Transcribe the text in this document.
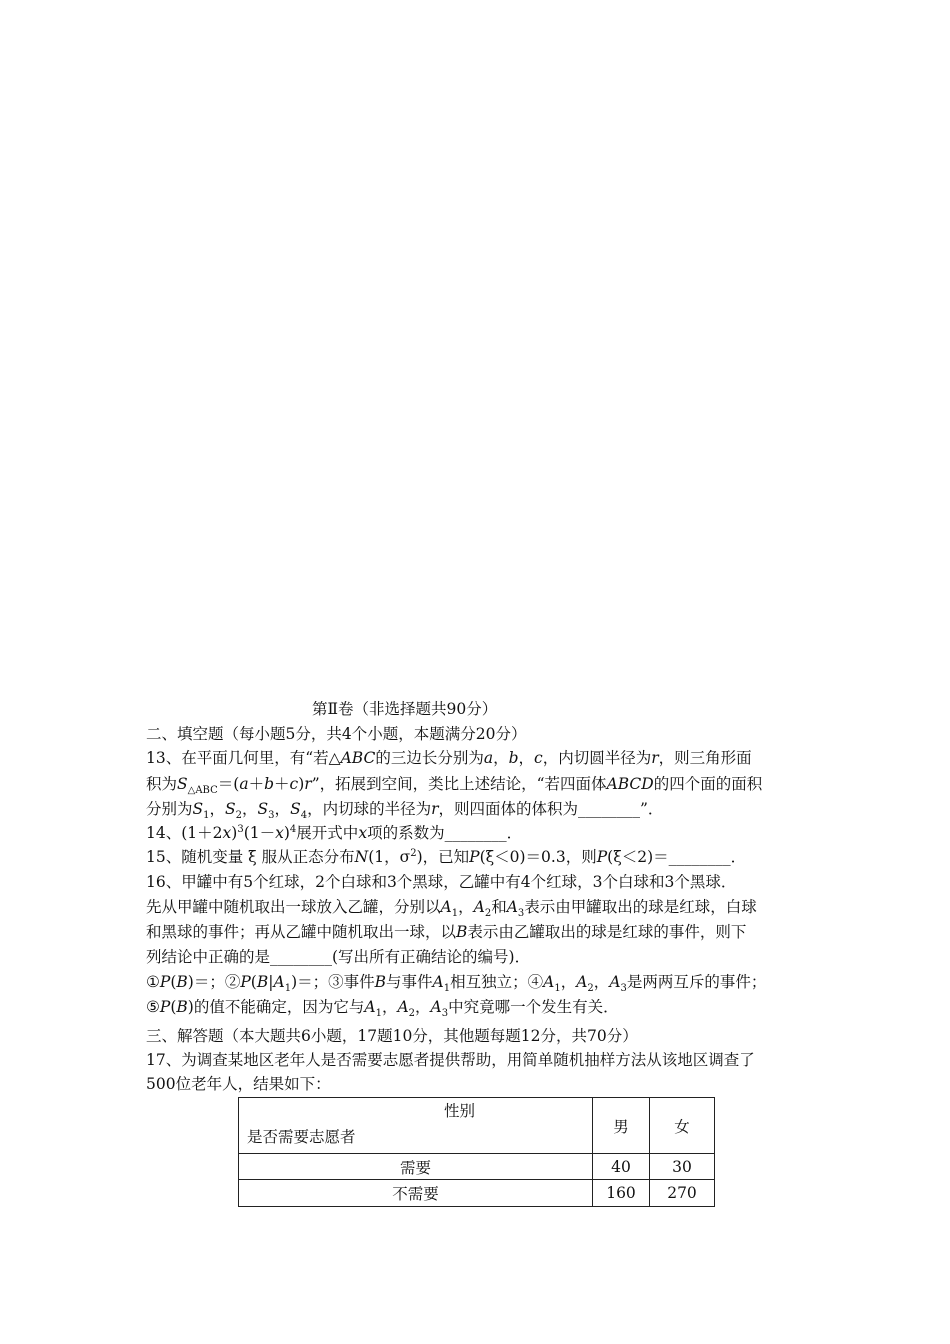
第Ⅱ卷（非选择题共90分）
二、填空题（每小题5分，共4个小题，本题满分20分）
13、在平面几何里，有“若△ABC的三边长分别为a，b，c，内切圆半径为r，则三角形面
积为$S_{\triangle ABC}=(a+b+c)r$”，拓展到空间，类比上述结论，“若四面体ABCD的四个面的面积
分别为$S_1$，$S_2$，$S_3$，$S_4$，内切球的半径为r，则四面体的体积为________”．
14、$(1+2x)^3(1-x)^4$展开式中x项的系数为________．
15、随机变量 ξ 服从正态分布N(1，$\sigma^2$)，已知P(ξ＜0)＝0.3，则P(ξ＜2)＝________．
16、甲罐中有5个红球，2个白球和3个黑球，乙罐中有4个红球，3个白球和3个黑球．
先从甲罐中随机取出一球放入乙罐，分别以$A_1$，$A_2$和$A_3$表示由甲罐取出的球是红球，白球
和黑球的事件；再从乙罐中随机取出一球，以B表示由乙罐取出的球是红球的事件，则下
列结论中正确的是________(写出所有正确结论的编号)．
①P(B)＝；$②P(B|A_1)=$；③事件B与事件$A_1$相互独立；$④A_1$，$A_2$，$A_3$是两两互斥的事件；
⑤P(B)的值不能确定，因为它与$A_1$，$A_2$，$A_3$中究竟哪一个发生有关．
三、解答题（本大题共6小题，17题10分，其他题每题12分，共70分）
17、为调查某地区老年人是否需要志愿者提供帮助，用简单随机抽样方法从该地区调查了
500位老年人，结果如下：
性别
是否需要志愿者	男	女
需要	40	30
不需要	160	270
